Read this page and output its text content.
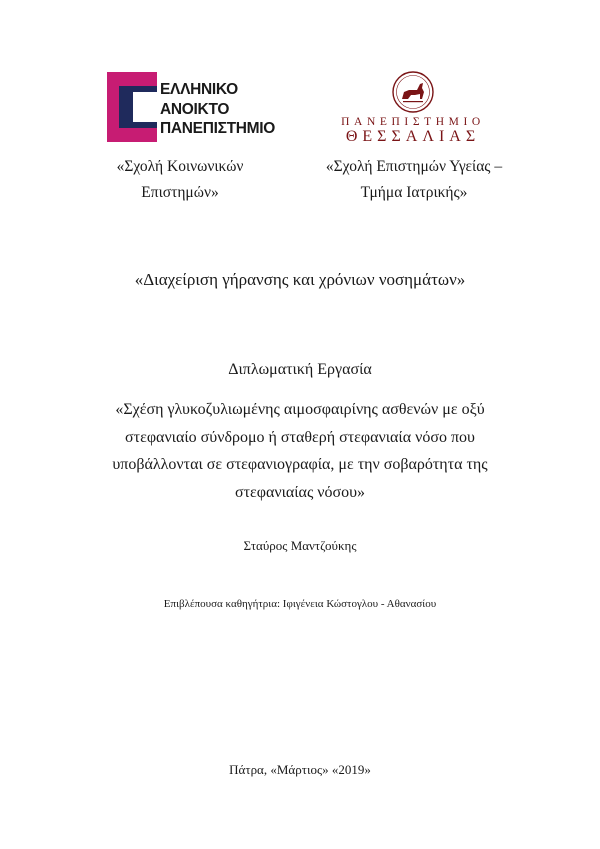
ΕΛΛΗΝΙΚΟ
ΑΝΟΙΚΤΟ
ΠΑΝΕΠΙΣΤΗΜΙΟ	ΠΑΝΕΠΙΣΤΗΜΙΟ
ΘΕΣΣΑΛΙΑΣ
«Σχολή Κοινωνικών
Επιστημών»
«Σχολή Επιστημών Υγείας –
Τμήμα Ιατρικής»
«Διαχείριση γήρανσης και χρόνιων νοσημάτων»
Διπλωματική Εργασία
«Σχέση γλυκοζυλιωμένης αιμοσφαιρίνης ασθενών με οξύ
στεφανιαίο σύνδρομο ή σταθερή στεφανιαία νόσο που
υποβάλλονται σε στεφανιογραφία, με την σοβαρότητα της
στεφανιαίας νόσου»
Σταύρος Μαντζούκης
Επιβλέπουσα καθηγήτρια: Ιφιγένεια Κώστογλου - Αθανασίου
Πάτρα, «Μάρτιος» «2019»
